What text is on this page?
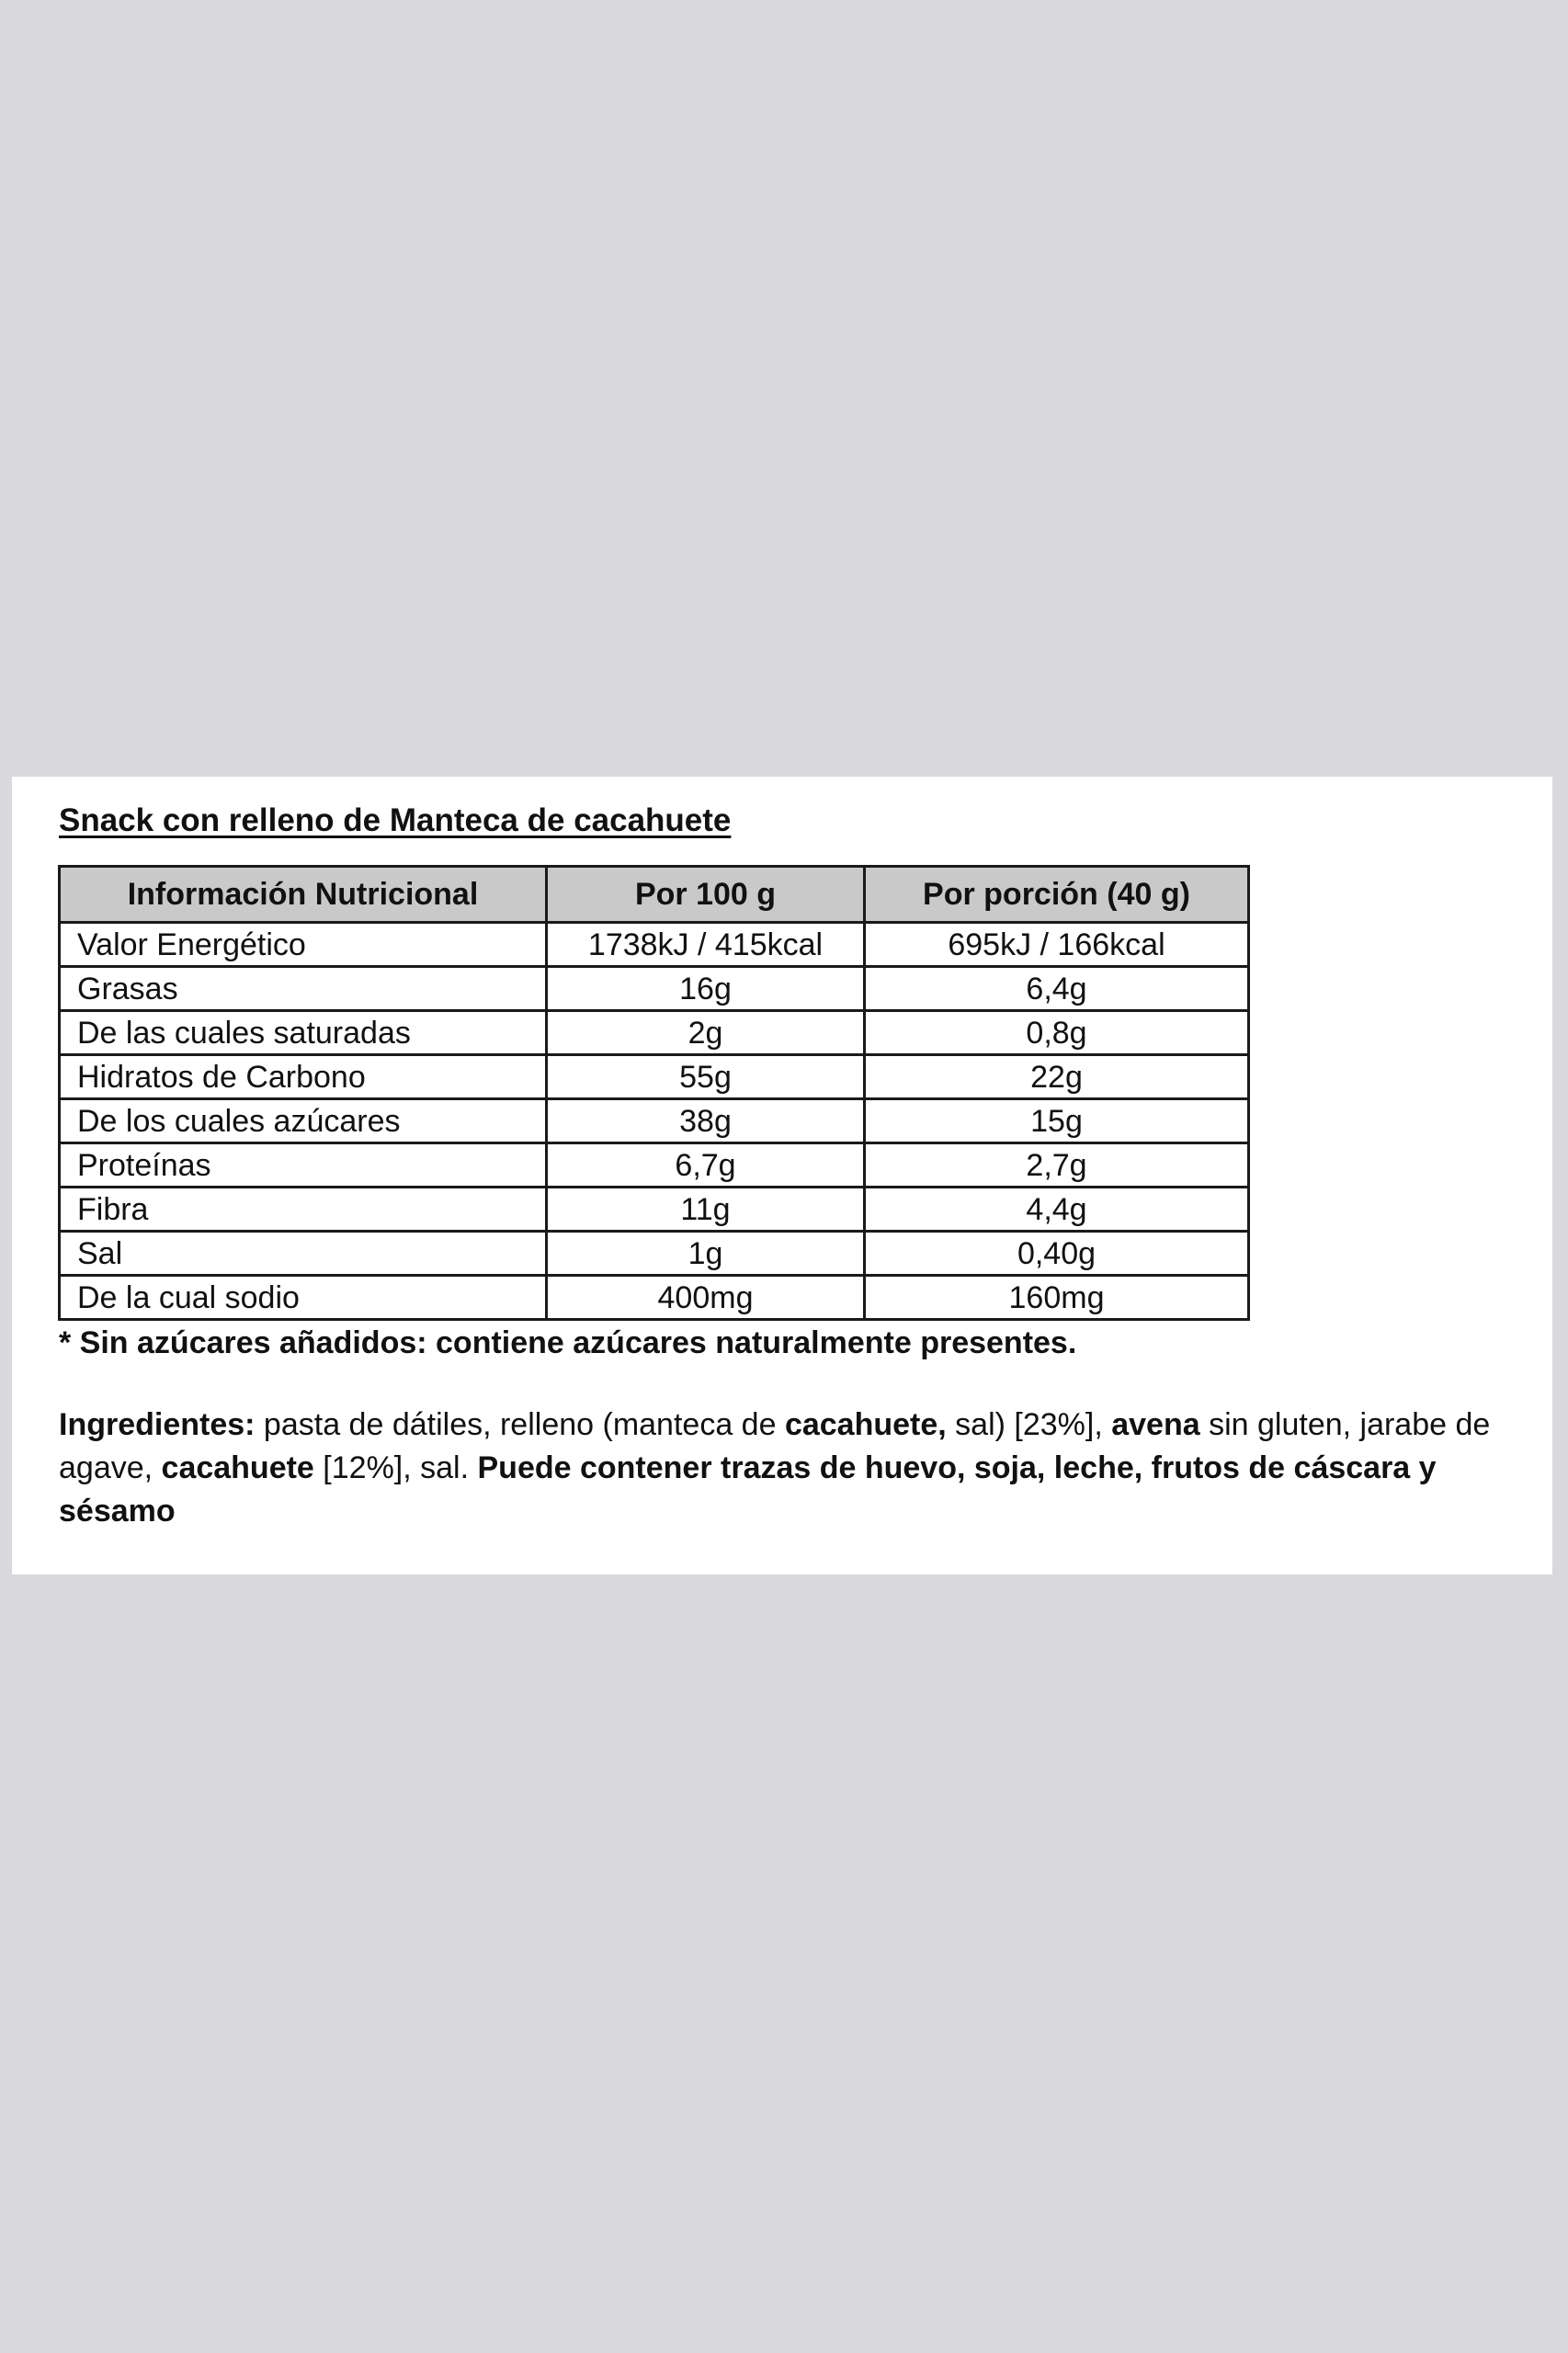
Snack con relleno de Manteca de cacahuete
Información Nutricional	Por 100 g	Por porción (40 g)
Valor Energético	1738kJ / 415kcal	695kJ / 166kcal
Grasas	16g	6,4g
De las cuales saturadas	2g	0,8g
Hidratos de Carbono	55g	22g
De los cuales azúcares	38g	15g
Proteínas	6,7g	2,7g
Fibra	11g	4,4g
Sal	1g	0,40g
De la cual sodio	400mg	160mg
* Sin azúcares añadidos: contiene azúcares naturalmente presentes.

Ingredientes: pasta de dátiles, relleno (manteca de cacahuete, sal) [23%], avena sin gluten, jarabe de agave, cacahuete [12%], sal. Puede contener trazas de huevo, soja, leche, frutos de cáscara y sésamo
